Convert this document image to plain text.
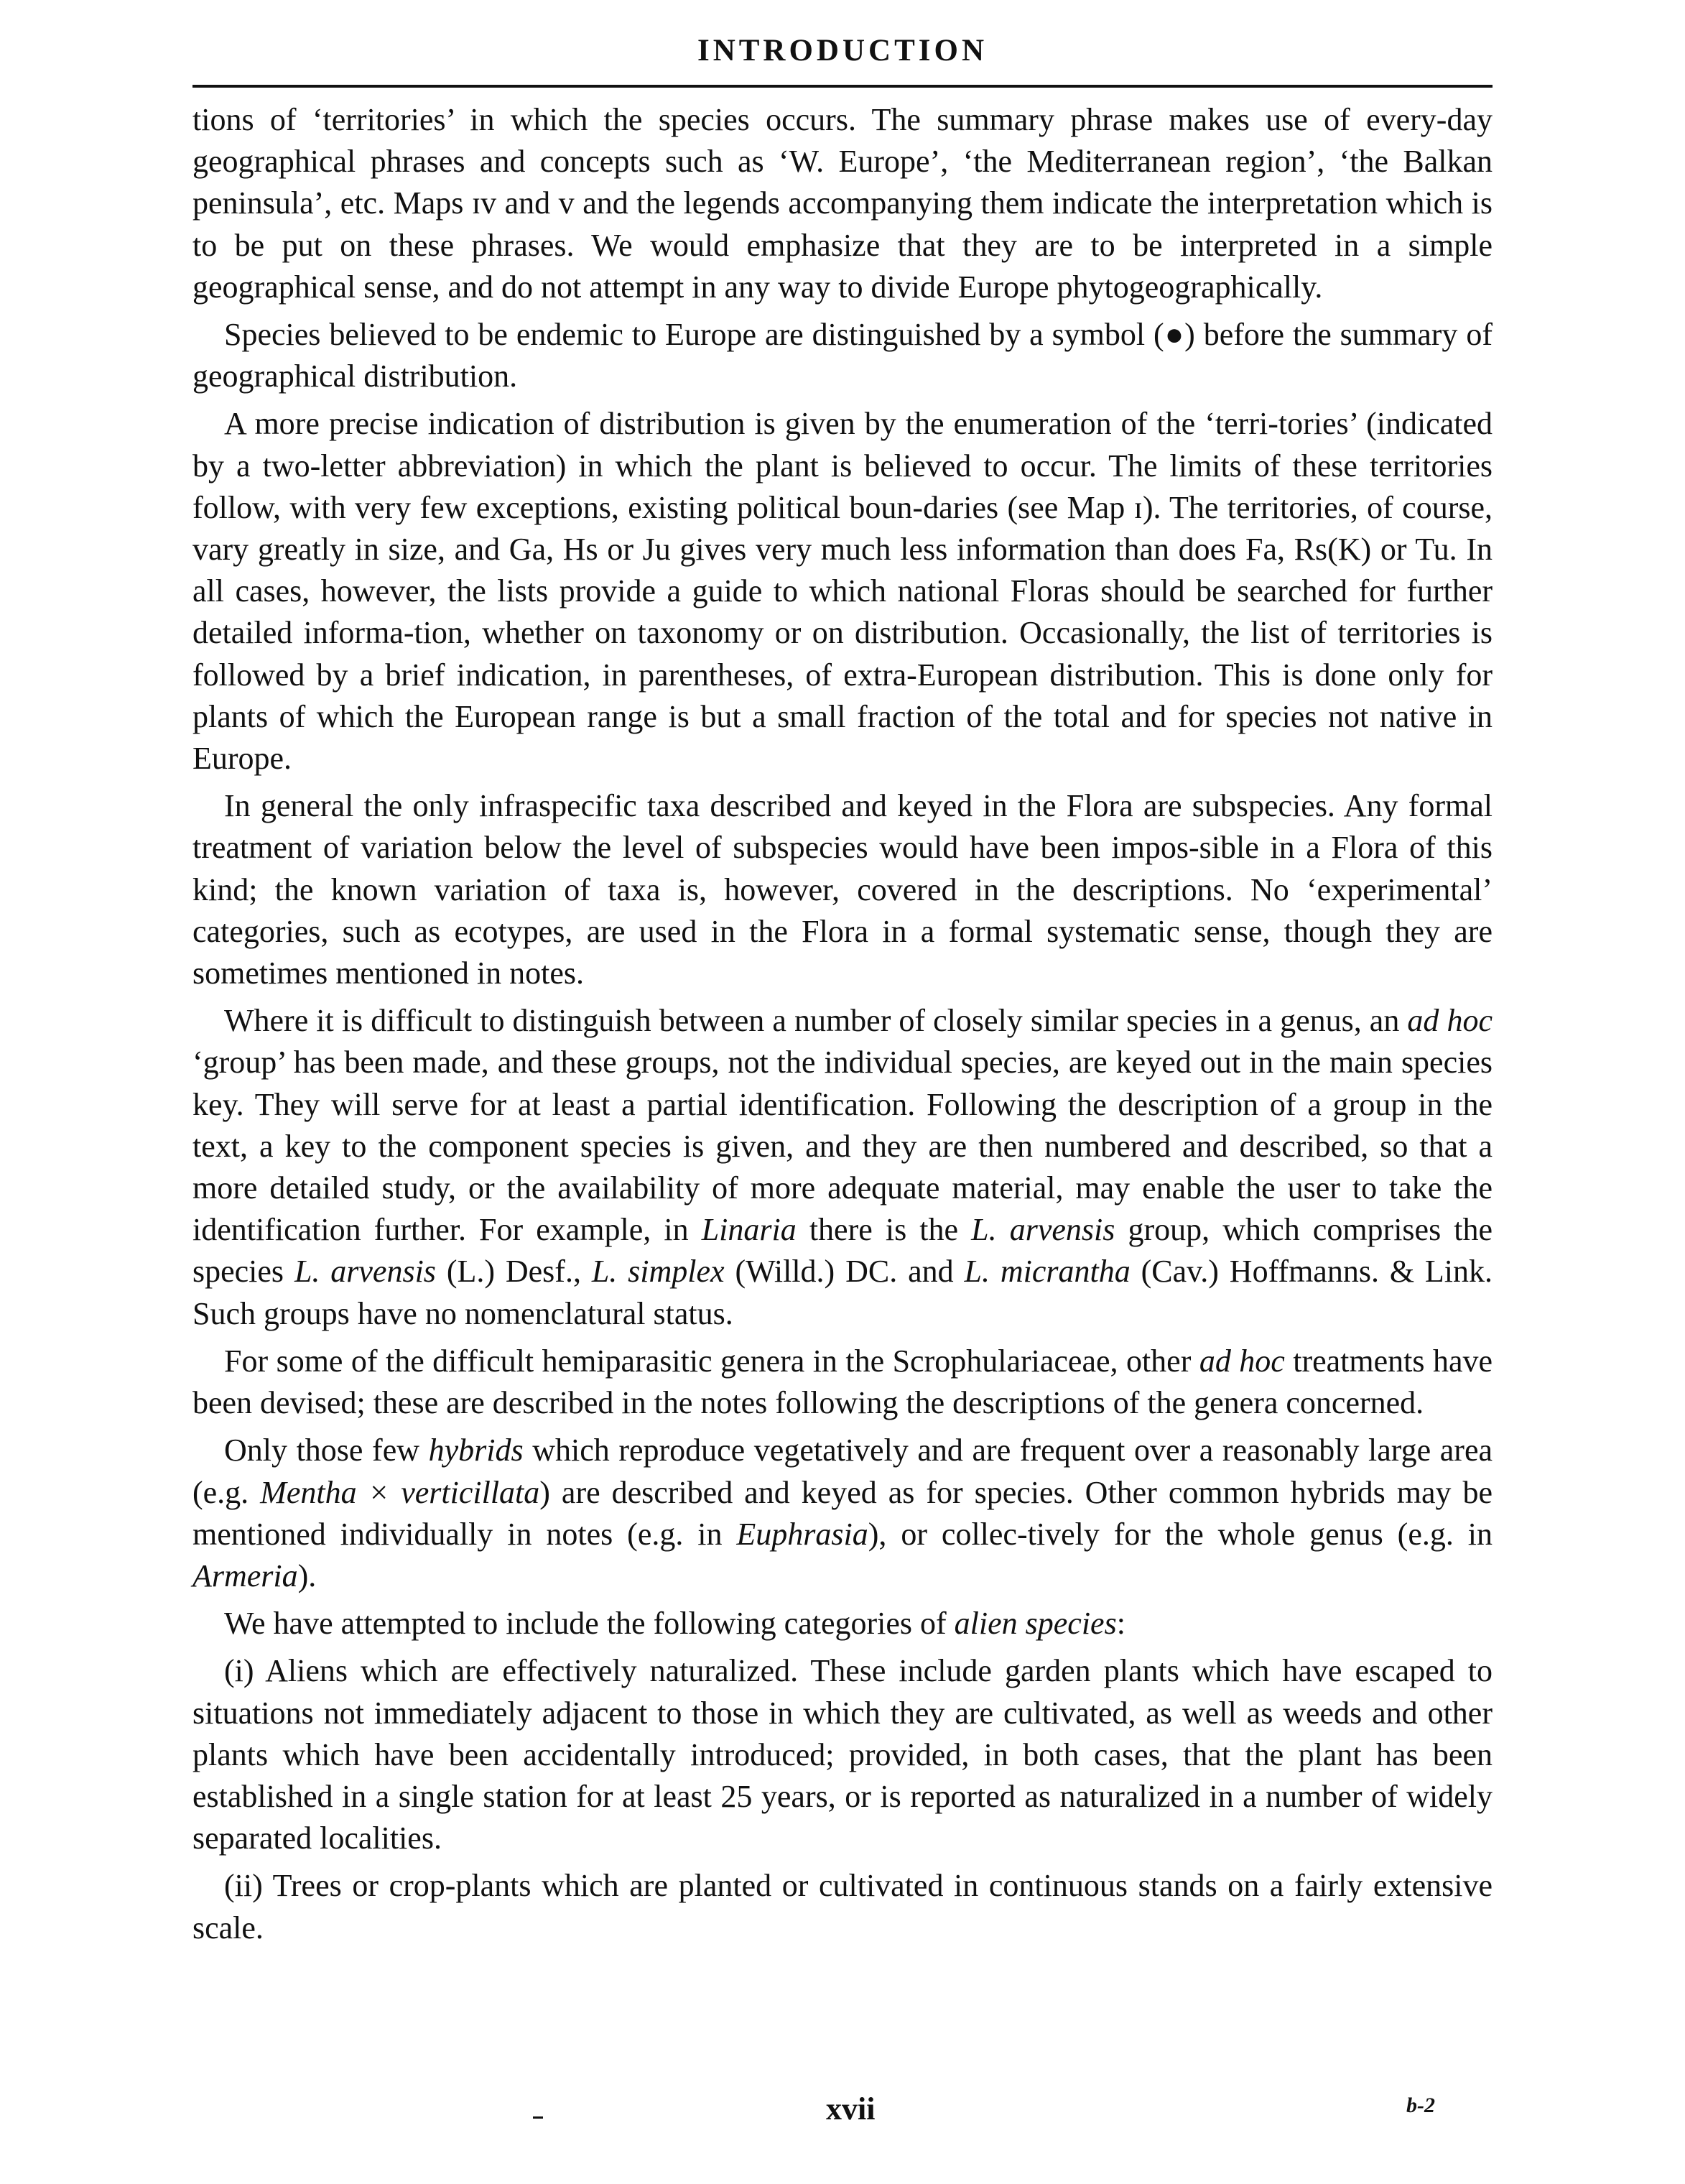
INTRODUCTION

tions of ‘territories’ in which the species occurs. The summary phrase makes use of every-day geographical phrases and concepts such as ‘W. Europe’, ‘the Mediterranean region’, ‘the Balkan peninsula’, etc. Maps ɪᴠ and ᴠ and the legends accompanying them indicate the interpretation which is to be put on these phrases. We would emphasize that they are to be interpreted in a simple geographical sense, and do not attempt in any way to divide Europe phytogeographically.

Species believed to be endemic to Europe are distinguished by a symbol (●) before the summary of geographical distribution.

A more precise indication of distribution is given by the enumeration of the ‘terri-tories’ (indicated by a two-letter abbreviation) in which the plant is believed to occur. The limits of these territories follow, with very few exceptions, existing political boun-daries (see Map ɪ). The territories, of course, vary greatly in size, and Ga, Hs or Ju gives very much less information than does Fa, Rs(K) or Tu. In all cases, however, the lists provide a guide to which national Floras should be searched for further detailed informa-tion, whether on taxonomy or on distribution. Occasionally, the list of territories is followed by a brief indication, in parentheses, of extra-European distribution. This is done only for plants of which the European range is but a small fraction of the total and for species not native in Europe.

In general the only infraspecific taxa described and keyed in the Flora are subspecies. Any formal treatment of variation below the level of subspecies would have been impos-sible in a Flora of this kind; the known variation of taxa is, however, covered in the descriptions. No ‘experimental’ categories, such as ecotypes, are used in the Flora in a formal systematic sense, though they are sometimes mentioned in notes.

Where it is difficult to distinguish between a number of closely similar species in a genus, an ad hoc ‘group’ has been made, and these groups, not the individual species, are keyed out in the main species key. They will serve for at least a partial identification. Following the description of a group in the text, a key to the component species is given, and they are then numbered and described, so that a more detailed study, or the availability of more adequate material, may enable the user to take the identification further. For example, in Linaria there is the L. arvensis group, which comprises the species L. arvensis (L.) Desf., L. simplex (Willd.) DC. and L. micrantha (Cav.) Hoffmanns. & Link. Such groups have no nomenclatural status.

For some of the difficult hemiparasitic genera in the Scrophulariaceae, other ad hoc treatments have been devised; these are described in the notes following the descriptions of the genera concerned.

Only those few hybrids which reproduce vegetatively and are frequent over a reasonably large area (e.g. Mentha × verticillata) are described and keyed as for species. Other common hybrids may be mentioned individually in notes (e.g. in Euphrasia), or collec-tively for the whole genus (e.g. in Armeria).

We have attempted to include the following categories of alien species:

(i) Aliens which are effectively naturalized. These include garden plants which have escaped to situations not immediately adjacent to those in which they are cultivated, as well as weeds and other plants which have been accidentally introduced; provided, in both cases, that the plant has been established in a single station for at least 25 years, or is reported as naturalized in a number of widely separated localities.

(ii) Trees or crop-plants which are planted or cultivated in continuous stands on a fairly extensive scale.

xvii	b-2
